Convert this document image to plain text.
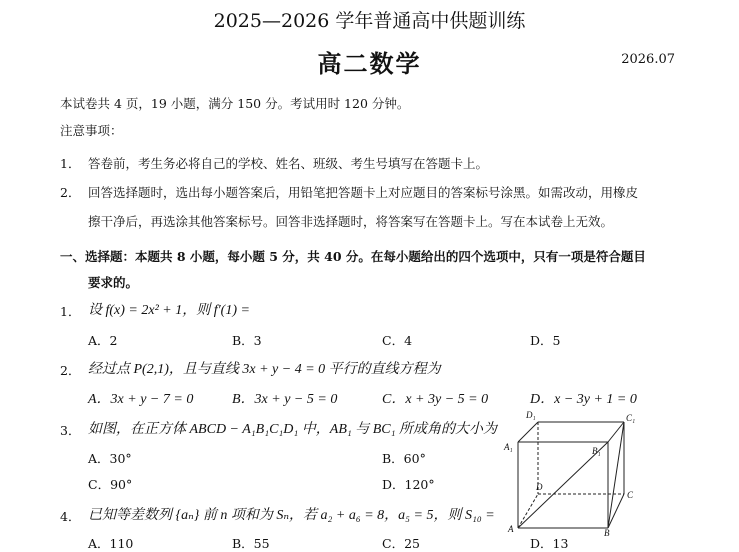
2025—2026 学年普通高中供题训练
高二数学	2026.07
本试卷共 4 页，19 小题，满分 150 分。考试用时 120 分钟。
注意事项：
1． 答卷前，考生务必将自己的学校、姓名、班级、考生号填写在答题卡上。
2． 回答选择题时，选出每小题答案后，用铅笔把答题卡上对应题目的答案标号涂黑。如需改动，用橡皮
擦干净后，再选涂其他答案标号。回答非选择题时，将答案写在答题卡上。写在本试卷上无效。
一、选择题：本题共 8 小题，每小题 5 分，共 40 分。在每小题给出的四个选项中，只有一项是符合题目
要求的。
1． 设 f(x) = 2x² + 1，则 f′(1) =
A．2	B．3	C．4	D．5
2． 经过点 P(2,1)，且与直线 3x + y − 4 = 0 平行的直线方程为
A．3x + y − 7 = 0	B．3x + y − 5 = 0	C．x + 3y − 5 = 0	D．x − 3y + 1 = 0
3． 如图，在正方体 ABCD − A₁B₁C₁D₁ 中，AB₁ 与 BC₁ 所成角的大小为
A．30°	B．60°
C．90°	D．120°
4． 已知等差数列 {aₙ} 前 n 项和为 Sₙ，若 a₂ + a₆ = 8，a₅ = 5，则 S₁₀ =
A．110	B．55	C．25	D．13
D₁	C₁
A₁	B₁
D
C
A	B
